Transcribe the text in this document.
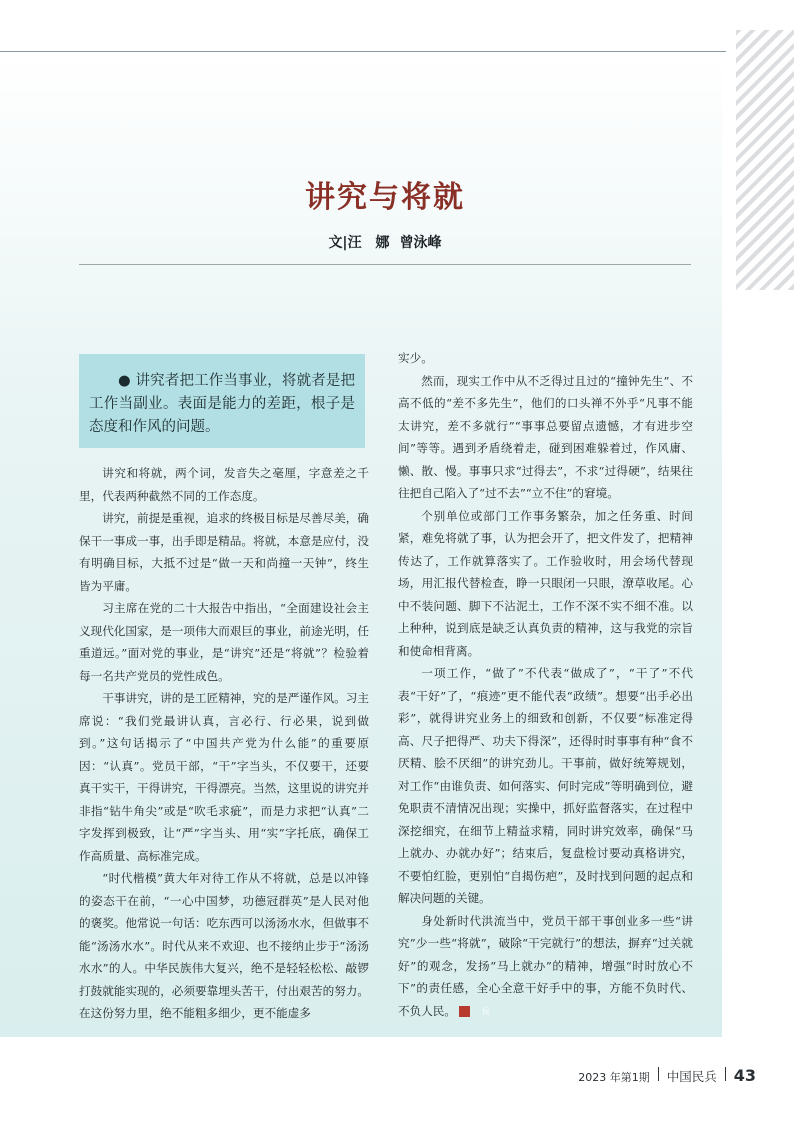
讲究与将就
文|汪　娜 曾泳峰
● 讲究者把工作当事业，将就者是把工作当副业。表面是能力的差距，根子是态度和作风的问题。

讲究和将就，两个词，发音失之毫厘，字意差之千里，代表两种截然不同的工作态度。

讲究，前提是重视，追求的终极目标是尽善尽美，确保干一事成一事，出手即是精品。将就，本意是应付，没有明确目标，大抵不过是“做一天和尚撞一天钟”，终生皆为平庸。

习主席在党的二十大报告中指出，“全面建设社会主义现代化国家，是一项伟大而艰巨的事业，前途光明，任重道远。”面对党的事业，是“讲究”还是“将就”？检验着每一名共产党员的党性成色。

干事讲究，讲的是工匠精神，究的是严谨作风。习主席说：“我们党最讲认真，言必行、行必果，说到做到。”这句话揭示了“中国共产党为什么能”的重要原因：“认真”。党员干部，“干”字当头，不仅要干，还要真干实干，干得讲究，干得漂亮。当然，这里说的讲究并非指“钻牛角尖”或是“吹毛求疵”，而是力求把“认真”二字发挥到极致，让“严”字当头、用“实”字托底，确保工作高质量、高标准完成。

“时代楷模”黄大年对待工作从不将就，总是以冲锋的姿态干在前，“一心中国梦，功德冠群英”是人民对他的褒奖。他常说一句话：吃东西可以汤汤水水，但做事不能“汤汤水水”。时代从来不欢迎、也不接纳止步于“汤汤水水”的人。中华民族伟大复兴，绝不是轻轻松松、敲锣打鼓就能实现的，必须要靠埋头苦干，付出艰苦的努力。在这份努力里，绝不能粗多细少，更不能虚多

实少。

然而，现实工作中从不乏得过且过的“撞钟先生”、不高不低的“差不多先生”，他们的口头禅不外乎“凡事不能太讲究，差不多就行”“事事总要留点遗憾，才有进步空间”等等。遇到矛盾绕着走，碰到困难躲着过，作风庸、懒、散、慢。事事只求“过得去”，不求“过得硬”，结果往往把自己陷入了“过不去”“立不住”的窘境。

个别单位或部门工作事务繁杂，加之任务重、时间紧，难免将就了事，认为把会开了，把文件发了，把精神传达了，工作就算落实了。工作验收时，用会场代替现场，用汇报代替检查，睁一只眼闭一只眼，潦草收尾。心中不装问题、脚下不沾泥土，工作不深不实不细不准。以上种种，说到底是缺乏认真负责的精神，这与我党的宗旨和使命相背离。

一项工作，“做了”不代表“做成了”，“干了”不代表“干好”了，“痕迹”更不能代表“政绩”。想要“出手必出彩”，就得讲究业务上的细致和创新，不仅要“标准定得高、尺子把得严、功夫下得深”，还得时时事事有种“食不厌精、脍不厌细”的讲究劲儿。干事前，做好统筹规划，对工作“由谁负责、如何落实、何时完成”等明确到位，避免职责不清情况出现；实操中，抓好监督落实，在过程中深挖细究，在细节上精益求精，同时讲究效率，确保“马上就办、办就办好”；结束后，复盘检讨要动真格讲究，不要怕红脸，更别怕“自揭伤疤”，及时找到问题的起点和解决问题的关键。

身处新时代洪流当中，党员干部干事创业多一些“讲究”少一些“将就”，破除“干完就行”的想法，摒弃“过关就好”的观念，发扬“马上就办”的精神，增强“时时放心不下”的责任感，全心全意干好手中的事，方能不负时代、不负人民。	民

2023 年第1期 中国民兵 43
